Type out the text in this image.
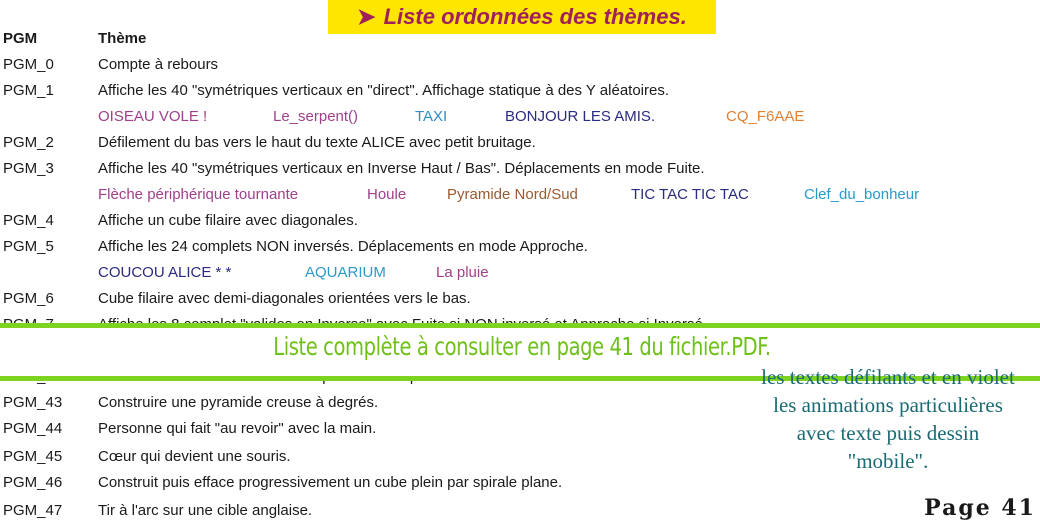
➤ Liste ordonnées des thèmes.
PGM	Thème
PGM_0	Compte à rebours
PGM_1	Affiche les 40 "symétriques verticaux en "direct". Affichage statique à des Y aléatoires.
OISEAU VOLE !	Le_serpent()	TAXI	BONJOUR LES AMIS.	CQ_F6AAE
PGM_2	Défilement du bas vers le haut du texte ALICE avec petit bruitage.
PGM_3	Affiche les 40 "symétriques verticaux en Inverse Haut / Bas". Déplacements en mode Fuite.
Flèche périphérique tournante	Houle	Pyramide Nord/Sud	TIC TAC TIC TAC	Clef_du_bonheur
PGM_4	Affiche un cube filaire avec diagonales.
PGM_5	Affiche les 24 complets NON inversés. Déplacements en mode Approche.
COUCOU ALICE * *	AQUARIUM	La pluie
PGM_6	Cube filaire avec demi-diagonales orientées vers le bas.
Liste complète à consulter en page 41 du fichier.PDF.
PGM_43 Construire une pyramide creuse à degrés.
PGM_44 Personne qui fait "au revoir" avec la main.
PGM_45 Cœur qui devient une souris.
PGM_46 Construit puis efface progressivement un cube plein par spirale plane.
PGM_47 Tir à l'arc sur une cible anglaise.
les textes défilants et en violet
les animations particulières
avec texte puis dessin
"mobile".
Page 41
